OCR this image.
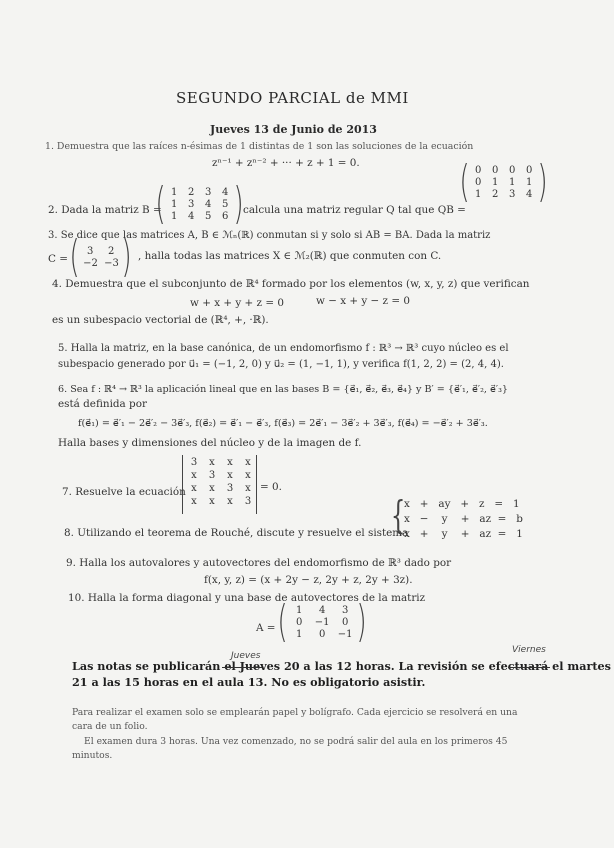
SEGUNDO PARCIAL de MMI
Jueves 13 de Junio de 2013
1. Demuestra que las raíces n-ésimas de 1 distintas de 1 son las soluciones de la ecuación
zⁿ⁻¹ + zⁿ⁻² + ··· + z + 1 = 0.
2. Dada la matriz B =
( 1 2 3 4
1 3 4 5
1 4 5 6 ) calcula una matriz regular Q tal que QB =
( 0 0 0 0
0 1 1 1
1 2 3 4 )
3. Se dice que las matrices A, B ∈ ℳₙ(ℝ) conmutan si y solo si AB = BA. Dada la matriz
C = ( 3	2
−2 −3 ) , halla todas las matrices X ∈ ℳ₂(ℝ) que conmuten con C.
4. Demuestra que el subconjunto de ℝ⁴ formado por los elementos (w, x, y, z) que verifican
w + x + y + z = 0	w − x + y − z = 0
es un subespacio vectorial de (ℝ⁴, +, ·ℝ).
5. Halla la matriz, en la base canónica, de un endomorfismo f : ℝ³ → ℝ³ cuyo núcleo es el
subespacio generado por u⃗₁ = (−1, 2, 0) y u⃗₂ = (1, −1, 1), y verifica f(1, 2, 2) = (2, 4, 4).
6. Sea f : ℝ⁴ → ℝ³ la aplicación lineal que en las bases B = {e⃗₁, e⃗₂, e⃗₃, e⃗₄} y B′ = {e⃗′₁, e⃗′₂, e⃗′₃}
está definida por
f(e⃗₁) = e⃗′₁ − 2e⃗′₂ − 3e⃗′₃, f(e⃗₂) = e⃗′₁ − e⃗′₃, f(e⃗₃) = 2e⃗′₁ − 3e⃗′₂ + 3e⃗′₃, f(e⃗₄) = −e⃗′₂ + 3e⃗′₃.
Halla bases y dimensiones del núcleo y de la imagen de f.
7. Resuelve la ecuación
3	x	x	x
x	3	x	x
x	x	3	x
x	x	x	3
= 0.
8. Utilizando el teorema de Rouché, discute y resuelve el sistema
{
x   +   ay   +   z   =   1
x   −    y    +   az  =   b
x   +    y    +   az  =   1
9. Halla los autovalores y autovectores del endomorfismo de ℝ³ dado por
f(x, y, z) = (x + 2y − z, 2y + z, 2y + 3z).
10. Halla la forma diagonal y una base de autovectores de la matriz
A = ( 1	4	3
0	−1	0
1	0	−1 )
Jueves
Viernes
Las notas se publicarán el Jueves 20 a las 12 horas. La revisión se efectuará el martes
21 a las 15 horas en el aula 13. No es obligatorio asistir.
Para realizar el examen solo se emplearán papel y bolígrafo. Cada ejercicio se resolverá en una
cara de un folio.
El examen dura 3 horas. Una vez comenzado, no se podrá salir del aula en los primeros 45
minutos.
